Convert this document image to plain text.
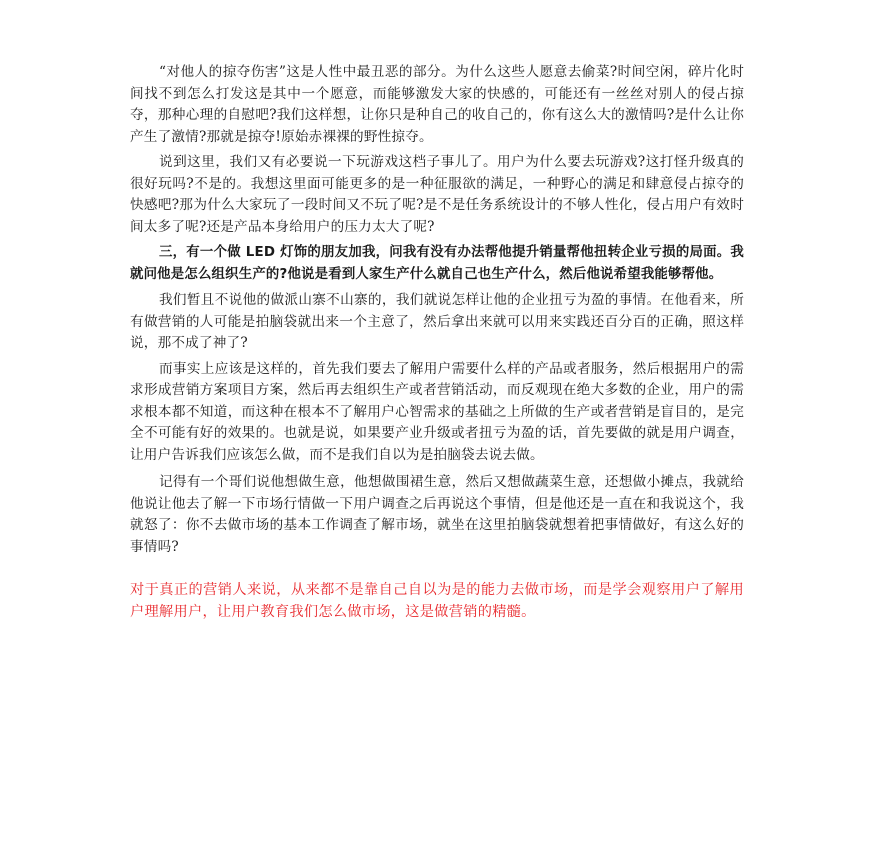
“对他人的掠夺伤害”这是人性中最丑恶的部分。为什么这些人愿意去偷菜?时间空闲，碎片化时间找不到怎么打发这是其中一个愿意，而能够激发大家的快感的，可能还有一丝丝对别人的侵占掠夺，那种心理的自慰吧?我们这样想，让你只是种自己的收自己的，你有这么大的激情吗?是什么让你产生了激情?那就是掠夺!原始赤裸裸的野性掠夺。

说到这里，我们又有必要说一下玩游戏这档子事儿了。用户为什么要去玩游戏?这打怪升级真的很好玩吗?不是的。我想这里面可能更多的是一种征服欲的满足，一种野心的满足和肆意侵占掠夺的快感吧?那为什么大家玩了一段时间又不玩了呢?是不是任务系统设计的不够人性化，侵占用户有效时间太多了呢?还是产品本身给用户的压力太大了呢?

三，有一个做 LED 灯饰的朋友加我，问我有没有办法帮他提升销量帮他扭转企业亏损的局面。我就问他是怎么组织生产的?他说是看到人家生产什么就自己也生产什么，然后他说希望我能够帮他。

我们暂且不说他的做派山寨不山寨的，我们就说怎样让他的企业扭亏为盈的事情。在他看来，所有做营销的人可能是拍脑袋就出来一个主意了，然后拿出来就可以用来实践还百分百的正确，照这样说，那不成了神了?

而事实上应该是这样的，首先我们要去了解用户需要什么样的产品或者服务，然后根据用户的需求形成营销方案项目方案，然后再去组织生产或者营销活动，而反观现在绝大多数的企业，用户的需求根本都不知道，而这种在根本不了解用户心智需求的基础之上所做的生产或者营销是盲目的，是完全不可能有好的效果的。也就是说，如果要产业升级或者扭亏为盈的话，首先要做的就是用户调查，让用户告诉我们应该怎么做，而不是我们自以为是拍脑袋去说去做。

记得有一个哥们说他想做生意，他想做围裙生意，然后又想做蔬菜生意，还想做小摊点，我就给他说让他去了解一下市场行情做一下用户调查之后再说这个事情，但是他还是一直在和我说这个，我就怒了：你不去做市场的基本工作调查了解市场，就坐在这里拍脑袋就想着把事情做好，有这么好的事情吗?

对于真正的营销人来说，从来都不是靠自己自以为是的能力去做市场，而是学会观察用户了解用户理解用户，让用户教育我们怎么做市场，这是做营销的精髓。
